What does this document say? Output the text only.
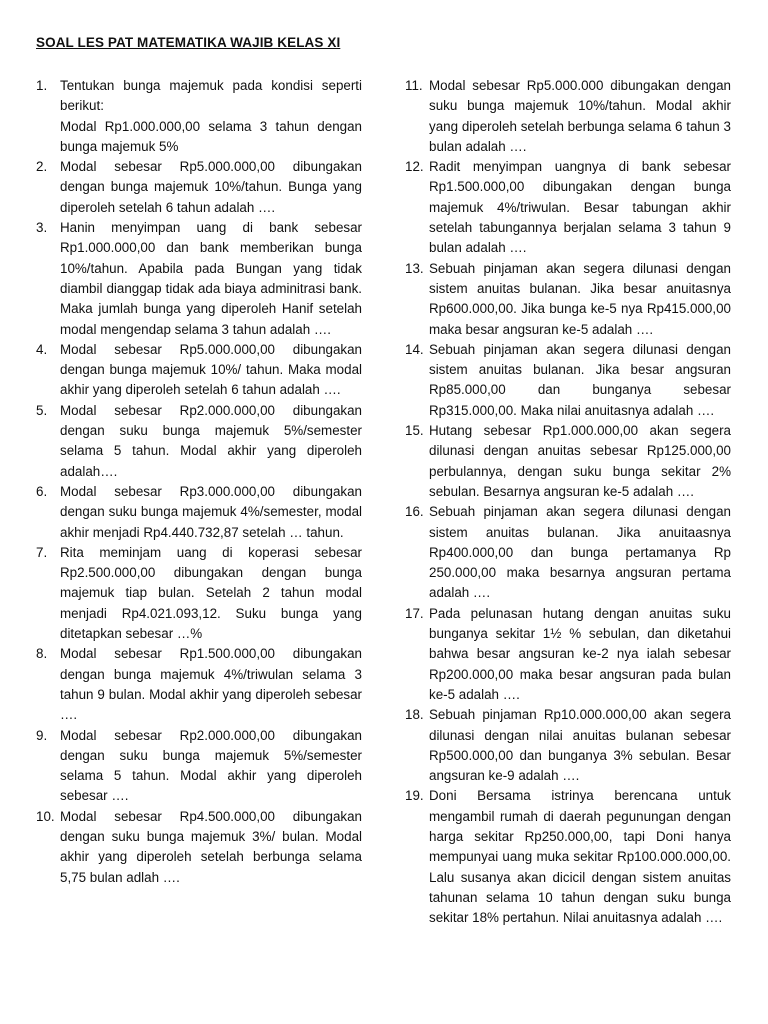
SOAL LES PAT MATEMATIKA WAJIB KELAS XI
1. Tentukan bunga majemuk pada kondisi seperti berikut:
Modal Rp1.000.000,00 selama 3 tahun dengan bunga majemuk 5%
2. Modal sebesar Rp5.000.000,00 dibungakan dengan bunga majemuk 10%/tahun. Bunga yang diperoleh setelah 6 tahun adalah ….
3. Hanin menyimpan uang di bank sebesar Rp1.000.000,00 dan bank memberikan bunga 10%/tahun. Apabila pada Bungan yang tidak diambil dianggap tidak ada biaya adminitrasi bank. Maka jumlah bunga yang diperoleh Hanif setelah modal mengendap selama 3 tahun adalah ….
4. Modal sebesar Rp5.000.000,00 dibungakan dengan bunga majemuk 10%/ tahun. Maka modal akhir yang diperoleh setelah 6 tahun adalah ….
5. Modal sebesar Rp2.000.000,00 dibungakan dengan suku bunga majemuk 5%/semester selama 5 tahun. Modal akhir yang diperoleh adalah….
6. Modal sebesar Rp3.000.000,00 dibungakan dengan suku bunga majemuk 4%/semester, modal akhir menjadi Rp4.440.732,87 setelah … tahun.
7. Rita meminjam uang di koperasi sebesar Rp2.500.000,00 dibungakan dengan bunga majemuk tiap bulan. Setelah 2 tahun modal menjadi Rp4.021.093,12. Suku bunga yang ditetapkan sebesar …%
8. Modal sebesar Rp1.500.000,00 dibungakan dengan bunga majemuk 4%/triwulan selama 3 tahun 9 bulan. Modal akhir yang diperoleh sebesar ….
9. Modal sebesar Rp2.000.000,00 dibungakan dengan suku bunga majemuk 5%/semester selama 5 tahun. Modal akhir yang diperoleh sebesar ….
10. Modal sebesar Rp4.500.000,00 dibungakan dengan suku bunga majemuk 3%/ bulan. Modal akhir yang diperoleh setelah berbunga selama 5,75 bulan adlah ….
11. Modal sebesar Rp5.000.000 dibungakan dengan suku bunga majemuk 10%/tahun. Modal akhir yang diperoleh setelah berbunga selama 6 tahun 3 bulan adalah ….
12. Radit menyimpan uangnya di bank sebesar Rp1.500.000,00 dibungakan dengan bunga majemuk 4%/triwulan. Besar tabungan akhir setelah tabungannya berjalan selama 3 tahun 9 bulan adalah ….
13. Sebuah pinjaman akan segera dilunasi dengan sistem anuitas bulanan. Jika besar anuitasnya Rp600.000,00. Jika bunga ke-5 nya Rp415.000,00 maka besar angsuran ke-5 adalah ….
14. Sebuah pinjaman akan segera dilunasi dengan sistem anuitas bulanan. Jika besar angsuran Rp85.000,00 dan bunganya sebesar Rp315.000,00. Maka nilai anuitasnya adalah ….
15. Hutang sebesar Rp1.000.000,00 akan segera dilunasi dengan anuitas sebesar Rp125.000,00 perbulannya, dengan suku bunga sekitar 2% sebulan. Besarnya angsuran ke-5 adalah ….
16. Sebuah pinjaman akan segera dilunasi dengan sistem anuitas bulanan. Jika anuitaasnya Rp400.000,00 dan bunga pertamanya Rp 250.000,00 maka besarnya angsuran pertama adalah ….
17. Pada pelunasan hutang dengan anuitas suku bunganya sekitar 1½ % sebulan, dan diketahui bahwa besar angsuran ke-2 nya ialah sebesar Rp200.000,00 maka besar angsuran pada bulan ke-5 adalah ….
18. Sebuah pinjaman Rp10.000.000,00 akan segera dilunasi dengan nilai anuitas bulanan sebesar Rp500.000,00 dan bunganya 3% sebulan. Besar angsuran ke-9 adalah ….
19. Doni Bersama istrinya berencana untuk mengambil rumah di daerah pegunungan dengan harga sekitar Rp250.000,00, tapi Doni hanya mempunyai uang muka sekitar Rp100.000.000,00. Lalu susanya akan dicicil dengan sistem anuitas tahunan selama 10 tahun dengan suku bunga sekitar 18% pertahun. Nilai anuitasnya adalah ….
